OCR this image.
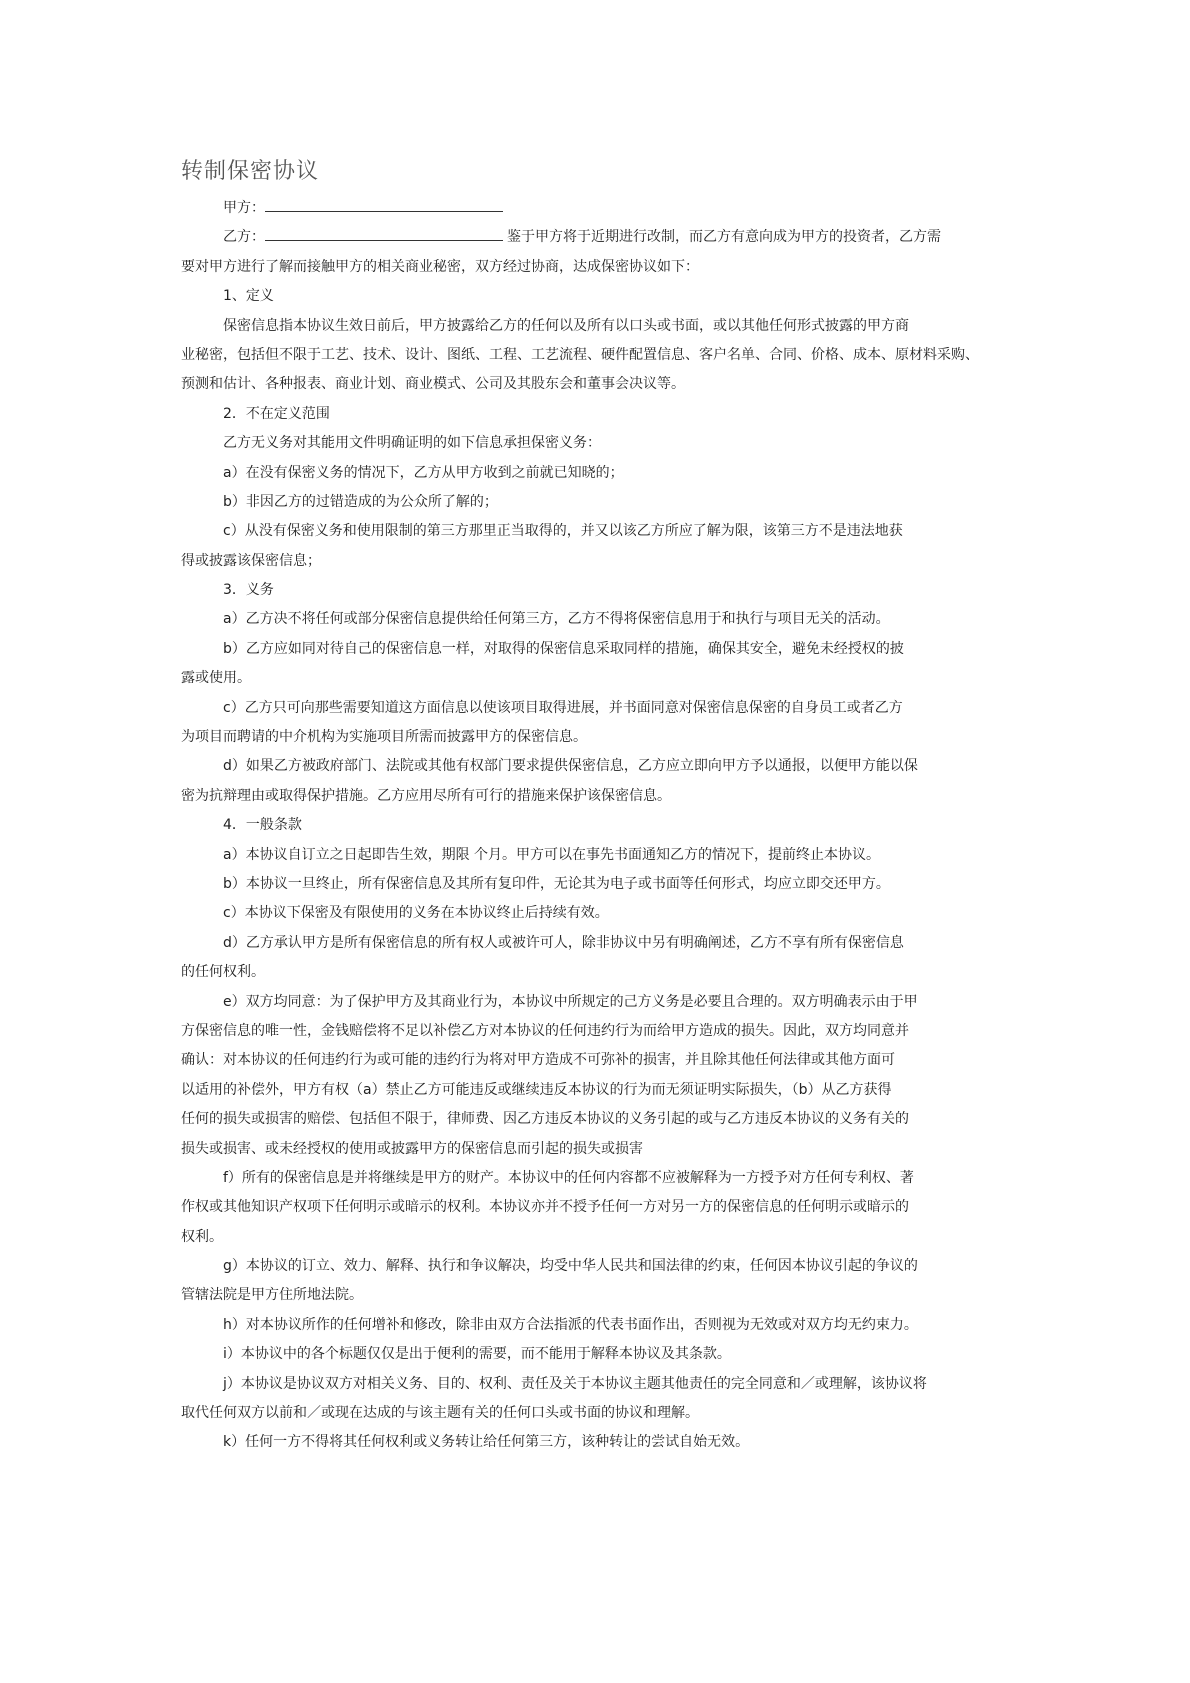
转制保密协议
甲方：
乙方：	鉴于甲方将于近期进行改制，而乙方有意向成为甲方的投资者，乙方需
要对甲方进行了解而接触甲方的相关商业秘密，双方经过协商，达成保密协议如下：
1、定义
保密信息指本协议生效日前后，甲方披露给乙方的任何以及所有以口头或书面，或以其他任何形式披露的甲方商
业秘密，包括但不限于工艺、技术、设计、图纸、工程、工艺流程、硬件配置信息、客户名单、合同、价格、成本、原材料采购、
预测和估计、各种报表、商业计划、商业模式、公司及其股东会和董事会决议等。
2．不在定义范围
乙方无义务对其能用文件明确证明的如下信息承担保密义务：
a）在没有保密义务的情况下，乙方从甲方收到之前就已知晓的；
b）非因乙方的过错造成的为公众所了解的；
c）从没有保密义务和使用限制的第三方那里正当取得的，并又以该乙方所应了解为限，该第三方不是违法地获
得或披露该保密信息；
3．义务
a）乙方决不将任何或部分保密信息提供给任何第三方，乙方不得将保密信息用于和执行与项目无关的活动。
b）乙方应如同对待自己的保密信息一样，对取得的保密信息采取同样的措施，确保其安全，避免未经授权的披
露或使用。
c）乙方只可向那些需要知道这方面信息以使该项目取得进展，并书面同意对保密信息保密的自身员工或者乙方
为项目而聘请的中介机构为实施项目所需而披露甲方的保密信息。
d）如果乙方被政府部门、法院或其他有权部门要求提供保密信息，乙方应立即向甲方予以通报，以便甲方能以保
密为抗辩理由或取得保护措施。乙方应用尽所有可行的措施来保护该保密信息。
4．一般条款
a）本协议自订立之日起即告生效，期限 个月。甲方可以在事先书面通知乙方的情况下，提前终止本协议。
b）本协议一旦终止，所有保密信息及其所有复印件，无论其为电子或书面等任何形式，均应立即交还甲方。
c）本协议下保密及有限使用的义务在本协议终止后持续有效。
d）乙方承认甲方是所有保密信息的所有权人或被许可人，除非协议中另有明确阐述，乙方不享有所有保密信息
的任何权利。
e）双方均同意：为了保护甲方及其商业行为，本协议中所规定的己方义务是必要且合理的。双方明确表示由于甲
方保密信息的唯一性，金钱赔偿将不足以补偿乙方对本协议的任何违约行为而给甲方造成的损失。因此，双方均同意并
确认：对本协议的任何违约行为或可能的违约行为将对甲方造成不可弥补的损害，并且除其他任何法律或其他方面可
以适用的补偿外，甲方有权（a）禁止乙方可能违反或继续违反本协议的行为而无须证明实际损失，（b）从乙方获得
任何的损失或损害的赔偿、包括但不限于，律师费、因乙方违反本协议的义务引起的或与乙方违反本协议的义务有关的
损失或损害、或未经授权的使用或披露甲方的保密信息而引起的损失或损害
f）所有的保密信息是并将继续是甲方的财产。本协议中的任何内容都不应被解释为一方授予对方任何专利权、著
作权或其他知识产权项下任何明示或暗示的权利。本协议亦并不授予任何一方对另一方的保密信息的任何明示或暗示的
权利。
g）本协议的订立、效力、解释、执行和争议解决，均受中华人民共和国法律的约束，任何因本协议引起的争议的
管辖法院是甲方住所地法院。
h）对本协议所作的任何增补和修改，除非由双方合法指派的代表书面作出，否则视为无效或对双方均无约束力。
i）本协议中的各个标题仅仅是出于便利的需要，而不能用于解释本协议及其条款。
j）本协议是协议双方对相关义务、目的、权利、责任及关于本协议主题其他责任的完全同意和／或理解，该协议将
取代任何双方以前和／或现在达成的与该主题有关的任何口头或书面的协议和理解。
k）任何一方不得将其任何权利或义务转让给任何第三方，该种转让的尝试自始无效。
